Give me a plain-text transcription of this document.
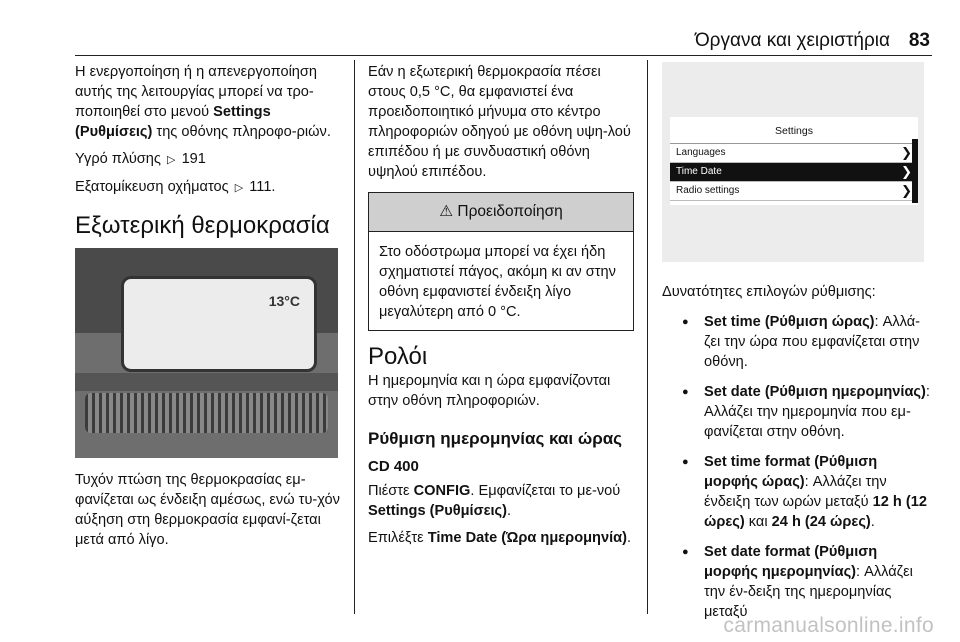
Όργανα και χειριστήρια 83

Η ενεργοποίηση ή η απενεργοποίηση αυτής της λειτουργίας μπορεί να τρο-ποποιηθεί στο μενού Settings (Ρυθμίσεις) της οθόνης πληροφο-ριών.

Υγρό πλύσης ▷ 191

Εξατομίκευση οχήματος ▷ 111.

Εξωτερική θερμοκρασία
13°C

Τυχόν πτώση της θερμοκρασίας εμ-φανίζεται ως ένδειξη αμέσως, ενώ τυ-χόν αύξηση στη θερμοκρασία εμφανί-ζεται μετά από λίγο.

Εάν η εξωτερική θερμοκρασία πέσει στους 0,5 °C, θα εμφανιστεί ένα προειδοποιητικό μήνυμα στο κέντρο πληροφοριών οδηγού με οθόνη υψη-λού επιπέδου ή με συνδυαστική οθόνη υψηλού επιπέδου.

⚠ Προειδοποίηση
Στο οδόστρωμα μπορεί να έχει ήδη σχηματιστεί πάγος, ακόμη κι αν στην οθόνη εμφανιστεί ένδειξη λίγο μεγαλύτερη από 0 °C.
Ρολόι

Η ημερομηνία και η ώρα εμφανίζονται στην οθόνη πληροφοριών.

Ρύθμιση ημερομηνίας και ώρας
CD 400

Πιέστε CONFIG. Εμφανίζεται το με-νού Settings (Ρυθμίσεις).

Επιλέξτε Time Date (Ώρα ημερομηνία).

Settings
Languages	❯
Time Date	❯
Radio settings	❯

Δυνατότητες επιλογών ρύθμισης:

● Set time (Ρύθμιση ώρας): Αλλά-ζει την ώρα που εμφανίζεται στην οθόνη.
● Set date (Ρύθμιση ημερομηνίας): Αλλάζει την ημερομηνία που εμ-φανίζεται στην οθόνη.
● Set time format (Ρύθμιση μορφής ώρας): Αλλάζει την ένδειξη των ωρών μεταξύ 12 h (12 ώρες) και 24 h (24 ώρες).
● Set date format (Ρύθμιση μορφής ημερομηνίας): Αλλάζει την έν-δειξη της ημερομηνίας μεταξύ
carmanualsonline.info
